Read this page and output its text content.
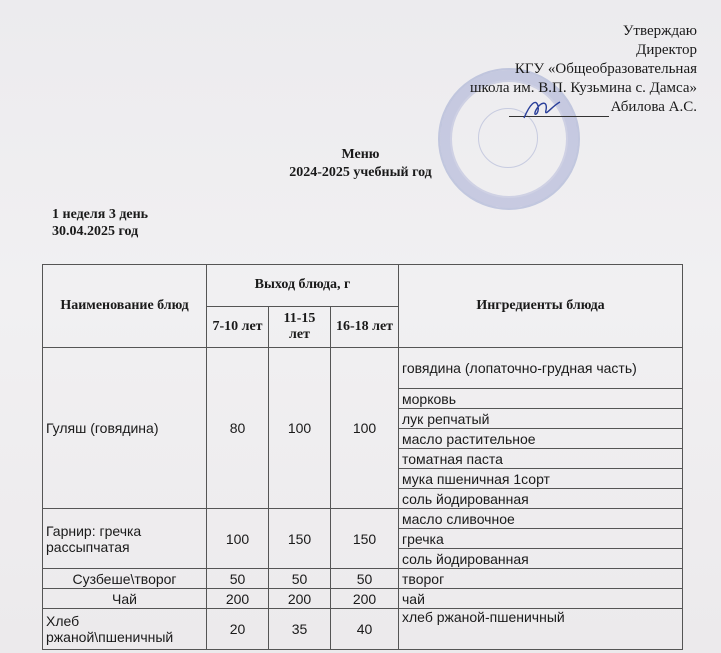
Утверждаю
Директор
КГУ «Общеобразовательная
школа им. В.П. Кузьмина с. Дамса»
Абилова А.С.
Меню
2024-2025 учебный год
1 неделя 3 день
30.04.2025 год
Наименование блюд	Выход блюда, г			Ингредиенты блюда
	7-10 лет	11-15 лет	16-18 лет	
Гуляш (говядина)	80	100	100	говядина (лопаточно-грудная часть)
				морковь
				лук репчатый
				масло растительное
				томатная паста
				мука пшеничная 1сорт
				соль йодированная
Гарнир: гречка рассыпчатая	100	150	150	масло сливочное
				гречка
				соль йодированная
Сузбеше\творог	50	50	50	творог
Чай	200	200	200	чай
Хлеб ржаной\пшеничный	20	35	40	хлеб ржаной-пшеничный
